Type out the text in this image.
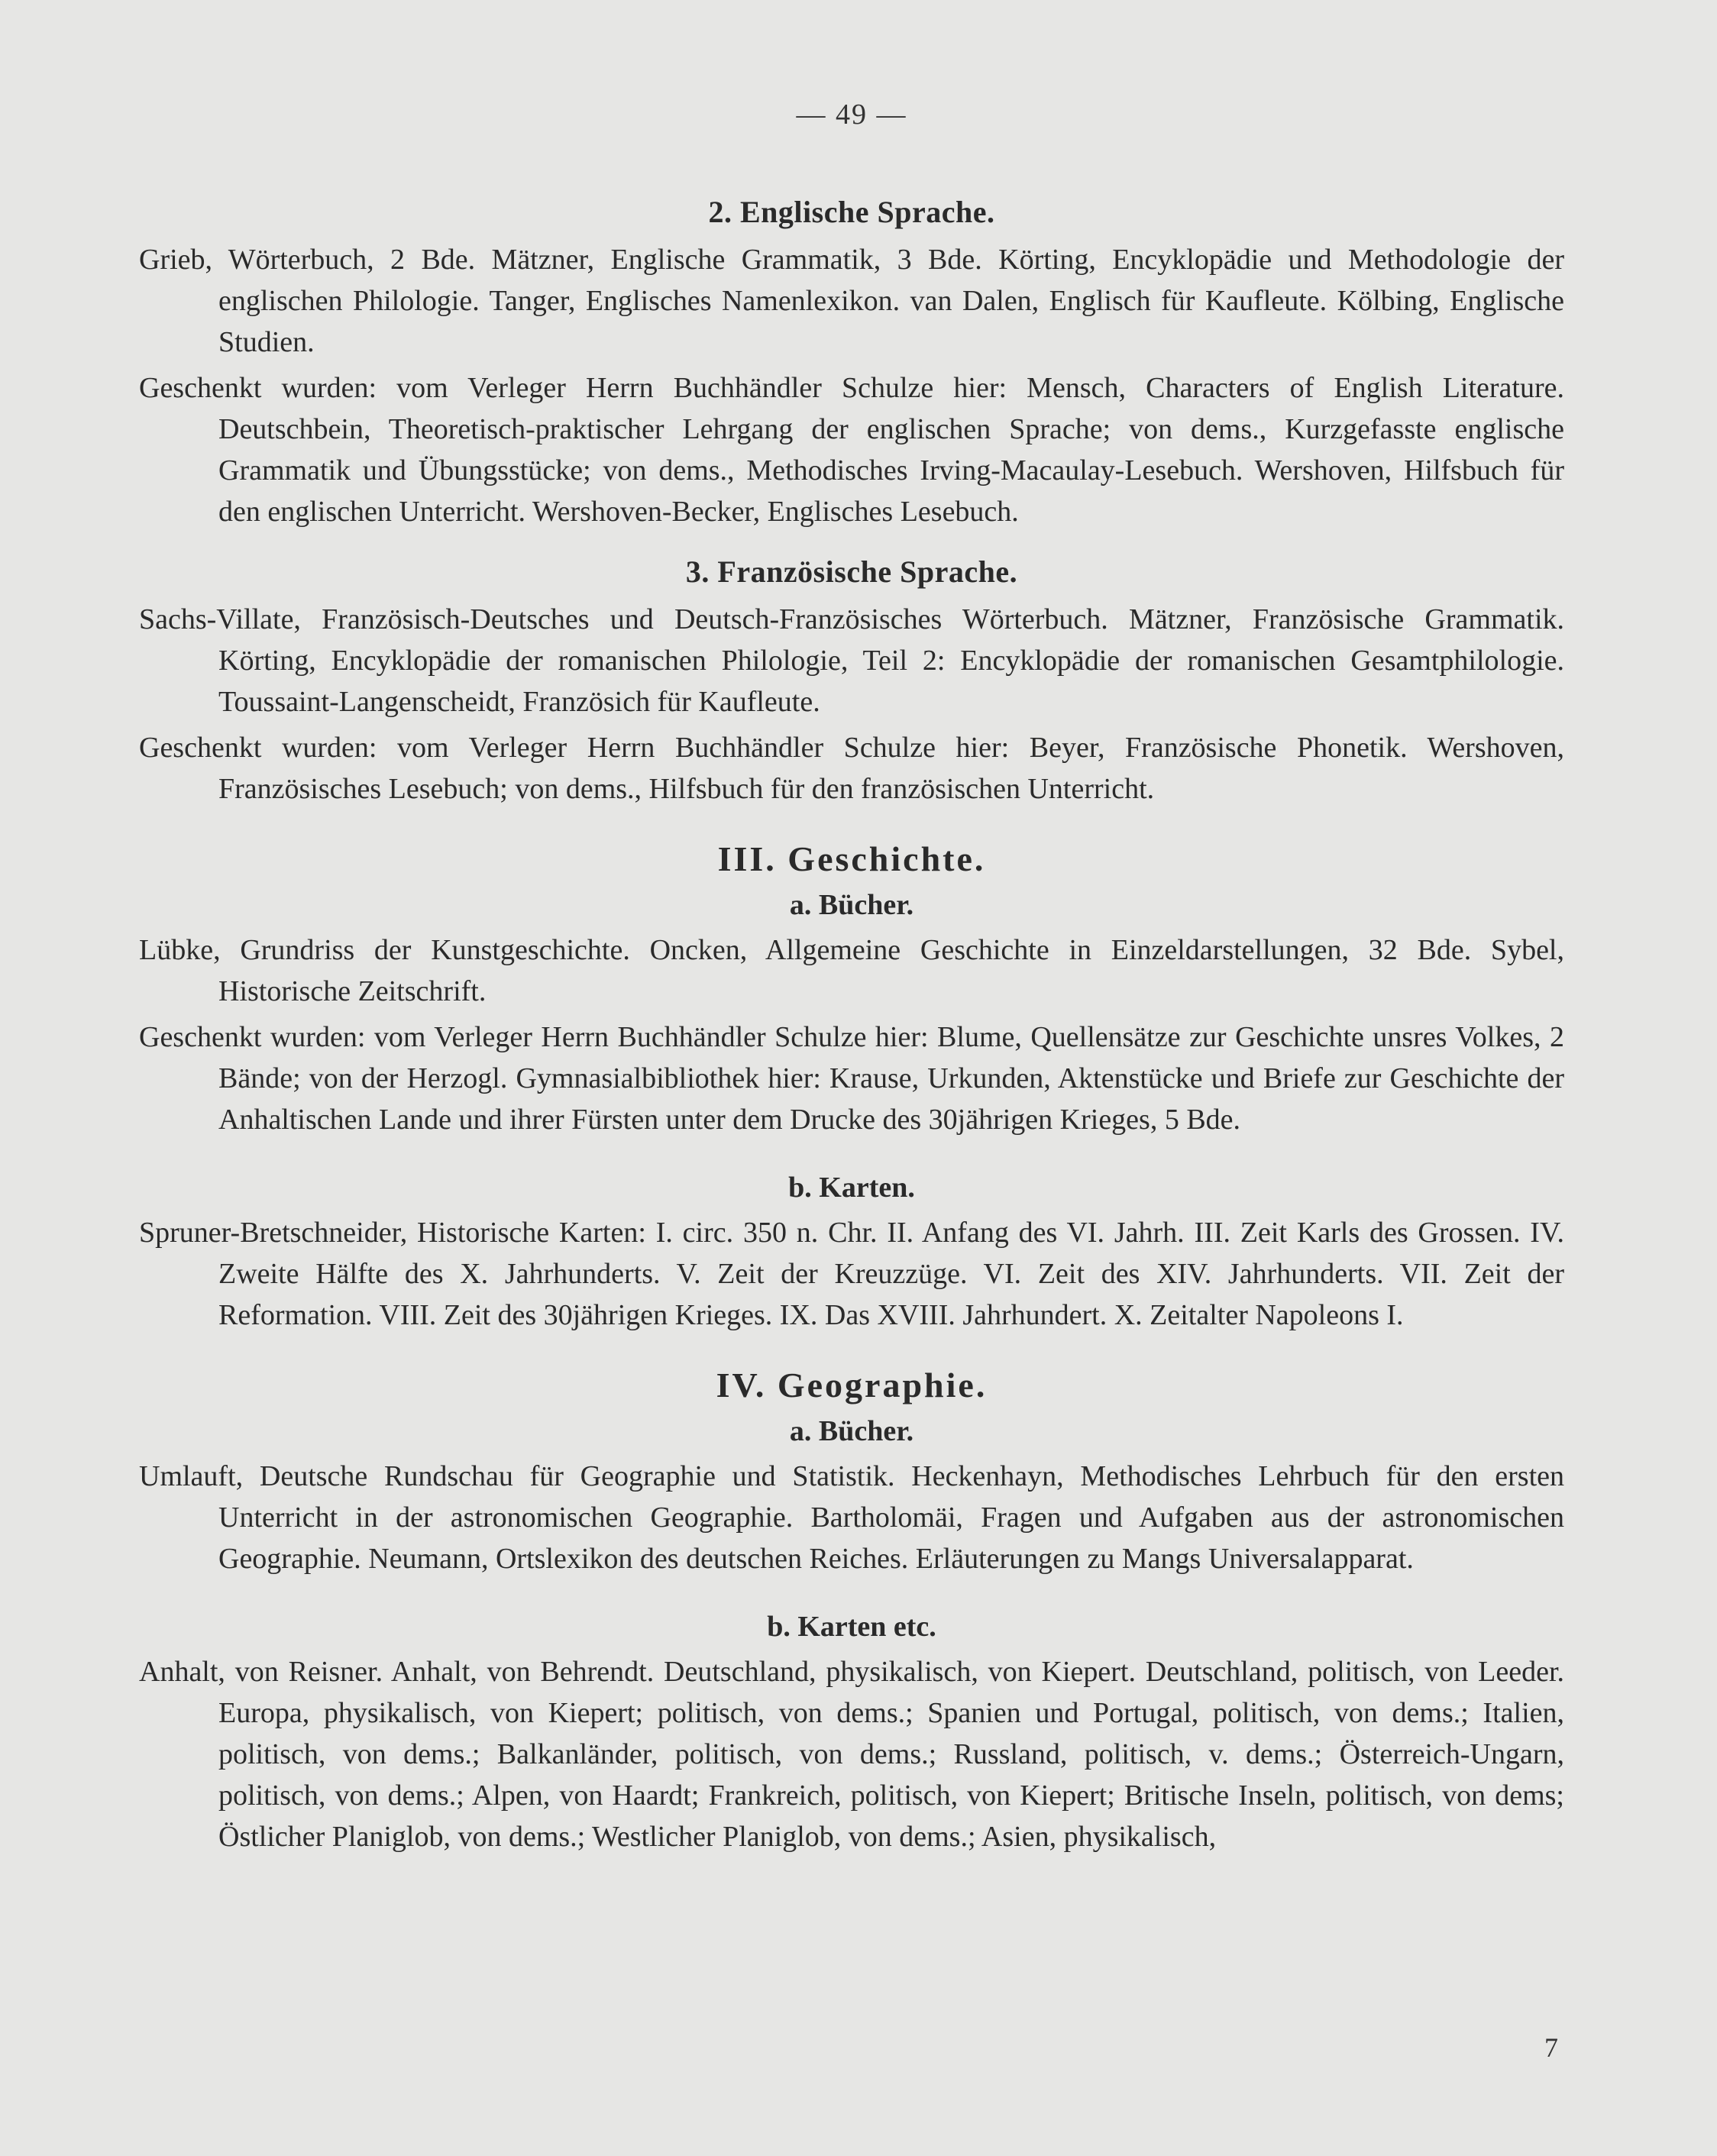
— 49 —
2. Englische Sprache.

Grieb, Wörterbuch, 2 Bde. Mätzner, Englische Grammatik, 3 Bde. Körting, Encyklopädie und Methodologie der englischen Philologie. Tanger, Englisches Namenlexikon. van Dalen, Englisch für Kaufleute. Kölbing, Englische Studien.

Geschenkt wurden: vom Verleger Herrn Buchhändler Schulze hier: Mensch, Characters of English Literature. Deutschbein, Theoretisch-praktischer Lehrgang der englischen Sprache; von dems., Kurzgefasste englische Grammatik und Übungsstücke; von dems., Methodisches Irving-Macaulay-Lesebuch. Wershoven, Hilfsbuch für den englischen Unterricht. Wershoven-Becker, Englisches Lesebuch.

3. Französische Sprache.

Sachs-Villate, Französisch-Deutsches und Deutsch-Französisches Wörterbuch. Mätzner, Französische Grammatik. Körting, Encyklopädie der romanischen Philologie, Teil 2: Encyklopädie der romanischen Gesamtphilologie. Toussaint-Langenscheidt, Französich für Kaufleute.

Geschenkt wurden: vom Verleger Herrn Buchhändler Schulze hier: Beyer, Französische Phonetik. Wershoven, Französisches Lesebuch; von dems., Hilfsbuch für den französischen Unterricht.

III. Geschichte.
a. Bücher.

Lübke, Grundriss der Kunstgeschichte. Oncken, Allgemeine Geschichte in Einzeldarstellungen, 32 Bde. Sybel, Historische Zeitschrift.

Geschenkt wurden: vom Verleger Herrn Buchhändler Schulze hier: Blume, Quellensätze zur Geschichte unsres Volkes, 2 Bände; von der Herzogl. Gymnasialbibliothek hier: Krause, Urkunden, Aktenstücke und Briefe zur Geschichte der Anhaltischen Lande und ihrer Fürsten unter dem Drucke des 30jährigen Krieges, 5 Bde.

b. Karten.

Spruner-Bretschneider, Historische Karten: I. circ. 350 n. Chr. II. Anfang des VI. Jahrh. III. Zeit Karls des Grossen. IV. Zweite Hälfte des X. Jahrhunderts. V. Zeit der Kreuzzüge. VI. Zeit des XIV. Jahrhunderts. VII. Zeit der Reformation. VIII. Zeit des 30jährigen Krieges. IX. Das XVIII. Jahrhundert. X. Zeitalter Napoleons I.

IV. Geographie.
a. Bücher.

Umlauft, Deutsche Rundschau für Geographie und Statistik. Heckenhayn, Methodisches Lehrbuch für den ersten Unterricht in der astronomischen Geographie. Bartholomäi, Fragen und Aufgaben aus der astronomischen Geographie. Neumann, Ortslexikon des deutschen Reiches. Erläuterungen zu Mangs Universalapparat.

b. Karten etc.

Anhalt, von Reisner. Anhalt, von Behrendt. Deutschland, physikalisch, von Kiepert. Deutschland, politisch, von Leeder. Europa, physikalisch, von Kiepert; politisch, von dems.; Spanien und Portugal, politisch, von dems.; Italien, politisch, von dems.; Balkanländer, politisch, von dems.; Russland, politisch, v. dems.; Österreich-Ungarn, politisch, von dems.; Alpen, von Haardt; Frankreich, politisch, von Kiepert; Britische Inseln, politisch, von dems; Östlicher Planiglob, von dems.; Westlicher Planiglob, von dems.; Asien, physikalisch,

7
